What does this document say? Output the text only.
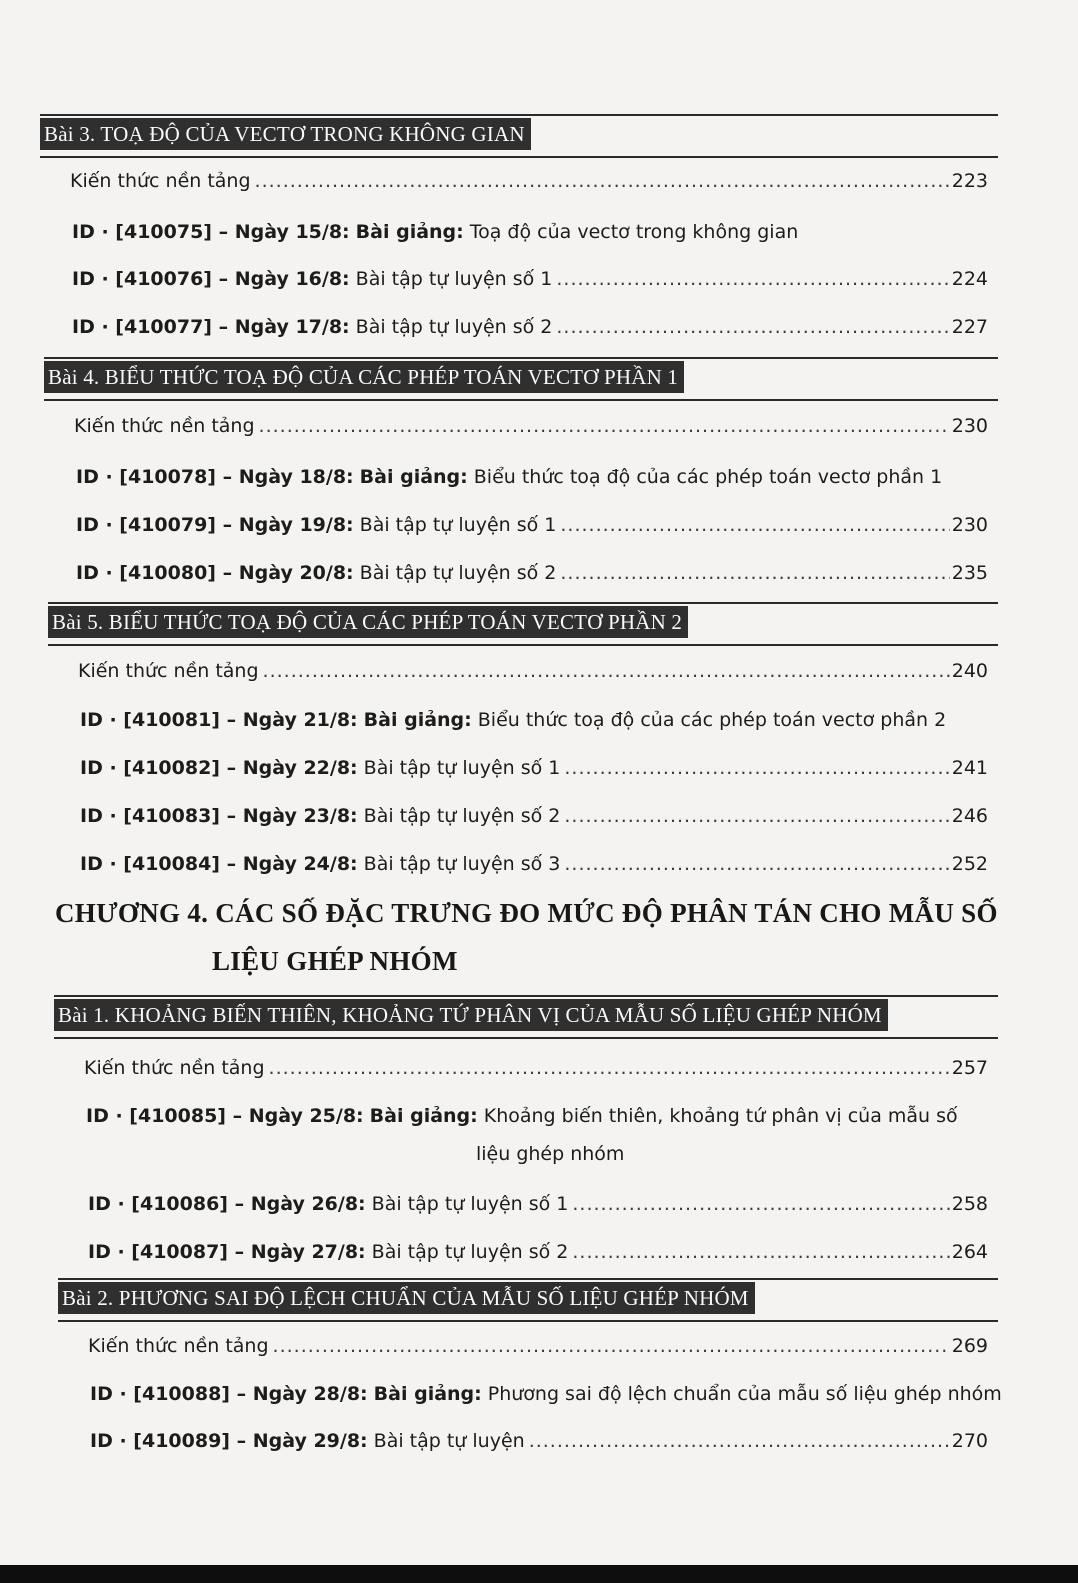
Bài 3. TOẠ ĐỘ CỦA VECTƠ TRONG KHÔNG GIAN
Kiến thức nền tảng .....	223
ID · [410075] – Ngày 15/8: Bài giảng: Toạ độ của vectơ trong không gian
ID · [410076] – Ngày 16/8: Bài tập tự luyện số 1 .....	224
ID · [410077] – Ngày 17/8: Bài tập tự luyện số 2 .....	227
Bài 4. BIỂU THỨC TOẠ ĐỘ CỦA CÁC PHÉP TOÁN VECTƠ PHẦN 1
Kiến thức nền tảng .....	230
ID · [410078] – Ngày 18/8: Bài giảng: Biểu thức toạ độ của các phép toán vectơ phần 1
ID · [410079] – Ngày 19/8: Bài tập tự luyện số 1 .....	230
ID · [410080] – Ngày 20/8: Bài tập tự luyện số 2 .....	235
Bài 5. BIỂU THỨC TOẠ ĐỘ CỦA CÁC PHÉP TOÁN VECTƠ PHẦN 2
Kiến thức nền tảng .....	240
ID · [410081] – Ngày 21/8: Bài giảng: Biểu thức toạ độ của các phép toán vectơ phần 2
ID · [410082] – Ngày 22/8: Bài tập tự luyện số 1 .....	241
ID · [410083] – Ngày 23/8: Bài tập tự luyện số 2 .....	246
ID · [410084] – Ngày 24/8: Bài tập tự luyện số 3 .....	252
CHƯƠNG 4. CÁC SỐ ĐẶC TRƯNG ĐO MỨC ĐỘ PHÂN TÁN CHO MẪU SỐ
LIỆU GHÉP NHÓM
Bài 1. KHOẢNG BIẾN THIÊN, KHOẢNG TỨ PHÂN VỊ CỦA MẪU SỐ LIỆU GHÉP NHÓM
Kiến thức nền tảng .....	257
ID · [410085] – Ngày 25/8: Bài giảng: Khoảng biến thiên, khoảng tứ phân vị của mẫu số
liệu ghép nhóm
ID · [410086] – Ngày 26/8: Bài tập tự luyện số 1 .....	258
ID · [410087] – Ngày 27/8: Bài tập tự luyện số 2 .....	264
Bài 2. PHƯƠNG SAI ĐỘ LỆCH CHUẨN CỦA MẪU SỐ LIỆU GHÉP NHÓM
Kiến thức nền tảng .....	269
ID · [410088] – Ngày 28/8: Bài giảng: Phương sai độ lệch chuẩn của mẫu số liệu ghép nhóm
ID · [410089] – Ngày 29/8: Bài tập tự luyện .....	270
